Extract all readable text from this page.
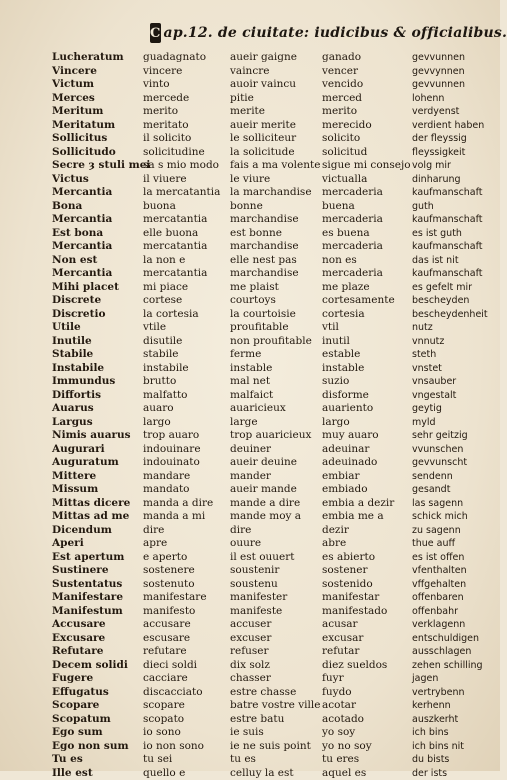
C ap.12. de ciuitate: iudicibus & officialibus.
Lucheratum
Vincere
Victum
Merces
Meritum
Meritatum
Sollicitus
Sollicitudo
Secre ȝ stuli mei
Victus
Mercantia
Bona
Mercantia
Est bona
Mercantia
Non est
Mercantia
Mihi placet
Discrete
Discretio
Utile
Inutile
Stabile
Instabile
Immundus
Diffortis
Auarus
Largus
Nimis auarus
Augurari
Auguratum
Mittere
Missum
Mittas dicere
Mittas ad me
Dicendum
Aperi
Est apertum
Sustinere
Sustentatus
Manifestare
Manifestum
Accusare
Excusare
Refutare
Decem solidi
Fugere
Effugatus
Scopare
Scopatum
Ego sum
Ego non sum
Tu es
Ille est
guadagnato
vincere
vinto
mercede
merito
meritato
il solicito
solicitudine
sa s mio modo
il viuere
la mercatantia
buona
mercatantia
elle buona
mercatantia
la non e
mercatantia
mi piace
cortese
la cortesia
vtile
disutile
stabile
instabile
brutto
malfatto
auaro
largo
trop auaro
indouinare
indouinato
mandare
mandato
manda a dire
manda a mi
dire
apre
e aperto
sostenere
sostenuto
manifestare
manifesto
accusare
escusare
refutare
dieci soldi
cacciare
discacciato
scopare
scopato
io sono
io non sono
tu sei
quello e
aueir gaigne
vaincre
auoir vaincu
pitie
merite
aueir merite
le solliciteur
la solicitude
fais a ma volente
le viure
la marchandise
bonne
marchandise
est bonne
marchandise
elle nest pas
marchandise
me plaist
courtoys
la courtoisie
proufitable
non proufitable
ferme
instable
mal net
malfaict
auaricieux
large
trop auaricieux
deuiner
aueir deuine
mander
aueir mande
mande a dire
mande moy a
dire
ouure
il est ouuert
soustenir
soustenu
manifester
manifeste
accuser
excuser
refuser
dix solz
chasser
estre chasse
batre vostre ville
estre batu
ie suis
ie ne suis point
tu es
celluy la est
ganado
vencer
vencido
merced
merito
merecido
solicito
solicitud
sigue mi consejo
victualla
mercaderia
buena
mercaderia
es buena
mercaderia
non es
mercaderia
me plaze
cortesamente
cortesia
vtil
inutil
estable
instable
suzio
disforme
auariento
largo
muy auaro
adeuinar
adeuinado
embiar
embiado
embia a dezir
embia me a
dezir
abre
es abierto
sostener
sostenido
manifestar
manifestado
acusar
excusar
refutar
diez sueldos
fuyr
fuydo
acotar
acotado
yo soy
yo no soy
tu eres
aquel es
gevvunnen
gevvynnen
gevvunnen
lohenn
verdyenst
verdient haben
der fleyssig
fleyssigkeit
volg mir
dinharung
kaufmanschaft
guth
kaufmanschaft
es ist guth
kaufmanschaft
das ist nit
kaufmanschaft
es gefelt mir
bescheyden
bescheydenheit
nutz
vnnutz
steth
vnstet
vnsauber
vngestalt
geytig
myld
sehr geitzig
vvunschen
gevvunscht
sendenn
gesandt
las sagenn
schick mich
zu sagenn
thue auff
es ist offen
vfenthalten
vffgehalten
offenbaren
offenbahr
verklagenn
entschuldigen
ausschlagen
zehen schilling
jagen
vertrybenn
kerhenn
auszkerht
ich bins
ich bins nit
du bists
der ists
